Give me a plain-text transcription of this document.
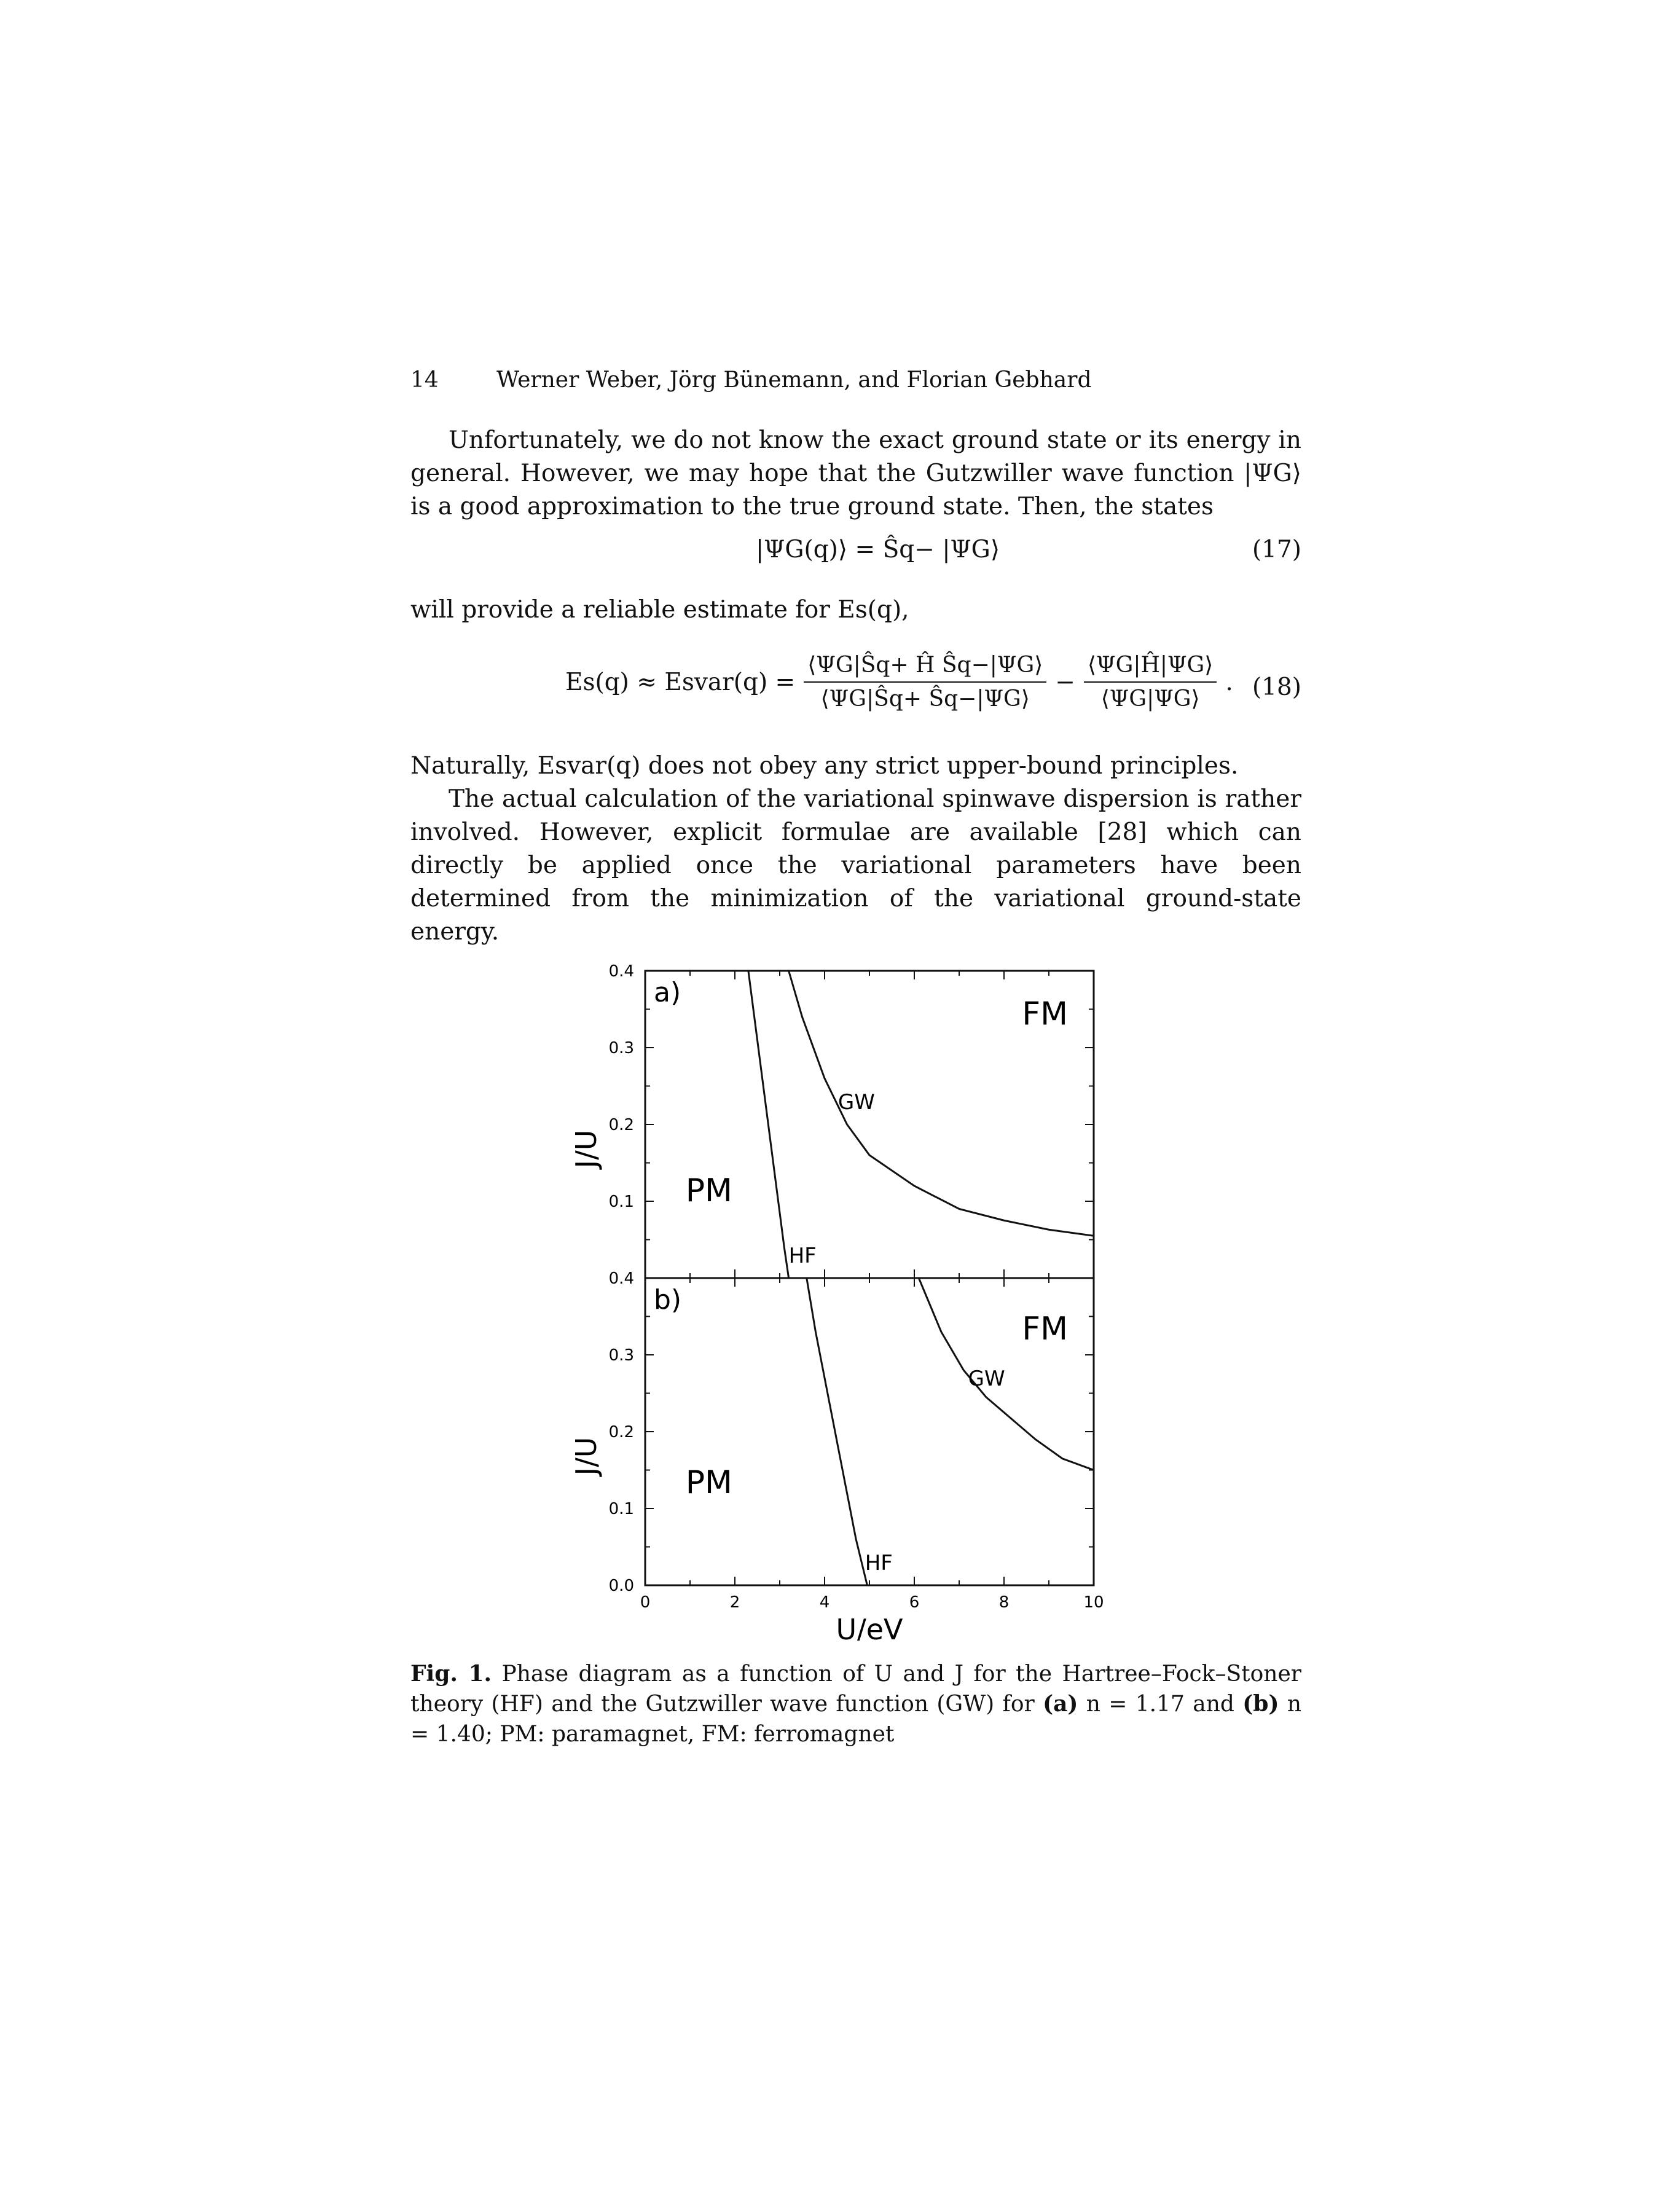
14	Werner Weber, Jörg Bünemann, and Florian Gebhard
Unfortunately, we do not know the exact ground state or its energy in general. However, we may hope that the Gutzwiller wave function |ΨG⟩ is a good approximation to the true ground state. Then, the states
|ΨG(q)⟩ = Ŝq− |ΨG⟩	(17)
will provide a reliable estimate for Es(q),
Es(q) ≈ Esvar(q) = $\frac{\text{⟨ΨG|Ŝq+ Ĥ Ŝq−|ΨG⟩}}{⟨\Psi G|Ŝq+ Ŝq-|\Psi G⟩} - \frac{⟨\Psi G|Ĥ|\Psi G⟩}{⟨\Psi G|\Psi G⟩}$ . (18)
Naturally, Esvar(q) does not obey any strict upper-bound principles.
The actual calculation of the variational spinwave dispersion is rather involved. However, explicit formulae are available [28] which can directly be applied once the variational parameters have been determined from the minimization of the variational ground-state energy.
0.1
0.2
0.3
0.4
J/U
a)
PM
FM
HF
GW
0.0
0.1
0.2
0.3
0.4
0	2	4	6	8	10
U/eV
J/U
b)
PM
FM
HF
GW
Fig. 1. Phase diagram as a function of U and J for the Hartree–Fock–Stoner theory (HF) and the Gutzwiller wave function (GW) for (a) n = 1.17 and (b) n = 1.40; PM: paramagnet, FM: ferromagnet
